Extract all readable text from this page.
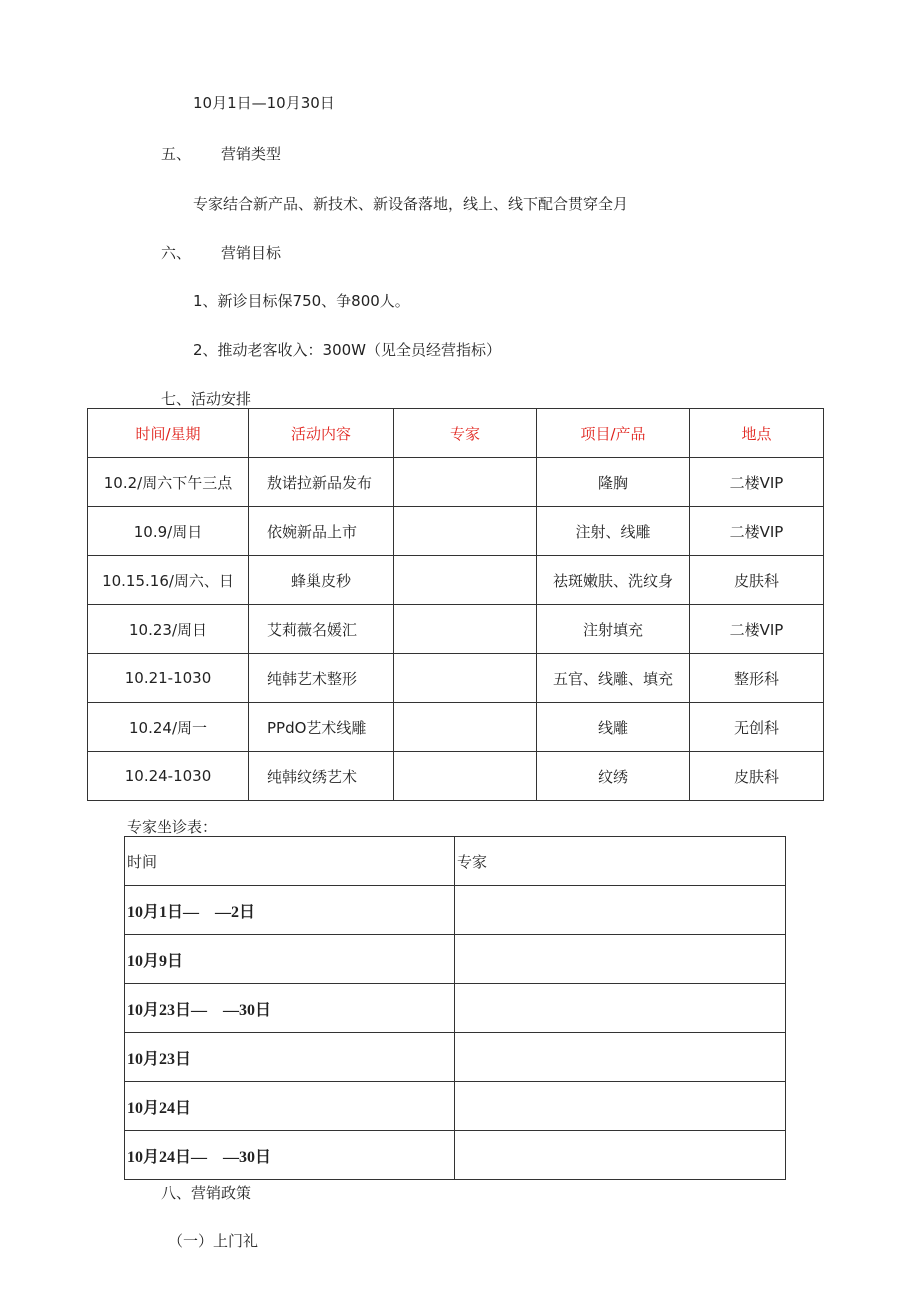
10月1日—10月30日
五、 营销类型
专家结合新产品、新技术、新设备落地，线上、线下配合贯穿全月
六、 营销目标
1、新诊目标保750、争800人。
2、推动老客收入：300W（见全员经营指标）
七、活动安排
时间/星期	活动内容	专家	项目/产品	地点
10.2/周六下午三点	敖诺拉新品发布		隆胸	二楼VIP
10.9/周日	依婉新品上市		注射、线雕	二楼VIP
10.15.16/周六、日	蜂巢皮秒		祛斑嫩肤、洗纹身	皮肤科
10.23/周日	艾莉薇名媛汇		注射填充	二楼VIP
10.21-1030	纯韩艺术整形		五官、线雕、填充	整形科
10.24/周一	PPdO艺术线雕		线雕	无创科
10.24-1030	纯韩纹绣艺术		纹绣	皮肤科
专家坐诊表：
时间	专家
10月1日—　—2日	
10月9日	
10月23日—　—30日	
10月23日	
10月24日	
10月24日—　—30日	
八、营销政策
（一）上门礼
